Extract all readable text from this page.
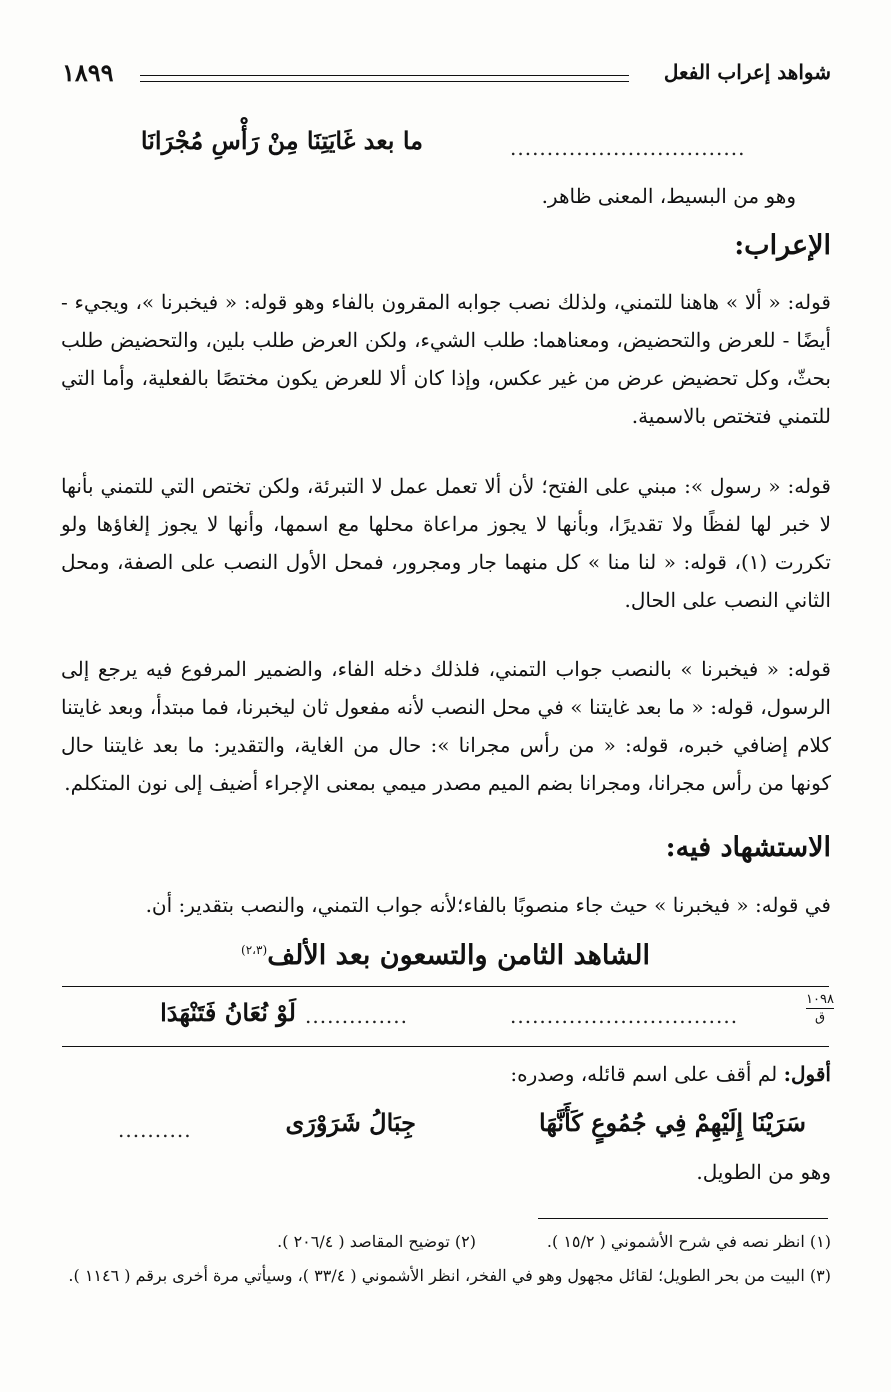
شواهد إعراب الفعل
١٨٩٩
ما بعد غَايَتِنَا مِنْ رَأْسِ مُجْرَانَا	................................
وهو من البسيط، المعنى ظاهر.
الإعراب:
قوله: « ألا » هاهنا للتمني، ولذلك نصب جوابه المقرون بالفاء وهو قوله: « فيخبرنا »، ويجيء - أيضًا - للعرض والتحضيض، ومعناهما: طلب الشيء، ولكن العرض طلب بلين، والتحضيض طلب بحثّ، وكل تحضيض عرض من غير عكس، وإذا كان ألا للعرض يكون مختصًا بالفعلية، وأما التي للتمني فتختص بالاسمية.
قوله: « رسول »: مبني على الفتح؛ لأن ألا تعمل عمل لا التبرئة، ولكن تختص التي للتمني بأنها لا خبر لها لفظًا ولا تقديرًا، وبأنها لا يجوز مراعاة محلها مع اسمها، وأنها لا يجوز إلغاؤها ولو تكررت (١)، قوله: « لنا منا » كل منهما جار ومجرور، فمحل الأول النصب على الصفة، ومحل الثاني النصب على الحال.
قوله: « فيخبرنا » بالنصب جواب التمني، فلذلك دخله الفاء، والضمير المرفوع فيه يرجع إلى الرسول، قوله: « ما بعد غايتنا » في محل النصب لأنه مفعول ثان ليخبرنا، فما مبتدأ، وبعد غايتنا كلام إضافي خبره، قوله: « من رأس مجرانا »: حال من الغاية، والتقدير: ما بعد غايتنا حال كونها من رأس مجرانا، ومجرانا بضم الميم مصدر ميمي بمعنى الإجراء أضيف إلى نون المتكلم.
الاستشهاد فيه:
في قوله: « فيخبرنا » حيث جاء منصوبًا بالفاء؛لأنه جواب التمني، والنصب بتقدير: أن.
الشاهد الثامن والتسعون بعد الألف$^{(٢،٣)}$
١٠٩٨
ق
...............................
..............
لَوْ نُعَانُ فَتَنْهَدَا
أقول: لم أقف على اسم قائله، وصدره:
سَرَيْنَا إِلَيْهِمْ فِي جُمُوعٍ كَأَنَّهَا
جِبَالُ شَرَوْرَى
..........
وهو من الطويل.
(١) انظر نصه في شرح الأشموني ( ١٥/٢ ).
(٢) توضيح المقاصد ( ٢٠٦/٤ ).
(٣) البيت من بحر الطويل؛ لقائل مجهول وهو في الفخر، انظر الأشموني ( ٣٣/٤ )، وسيأتي مرة أخرى برقم ( ١١٤٦ ).
